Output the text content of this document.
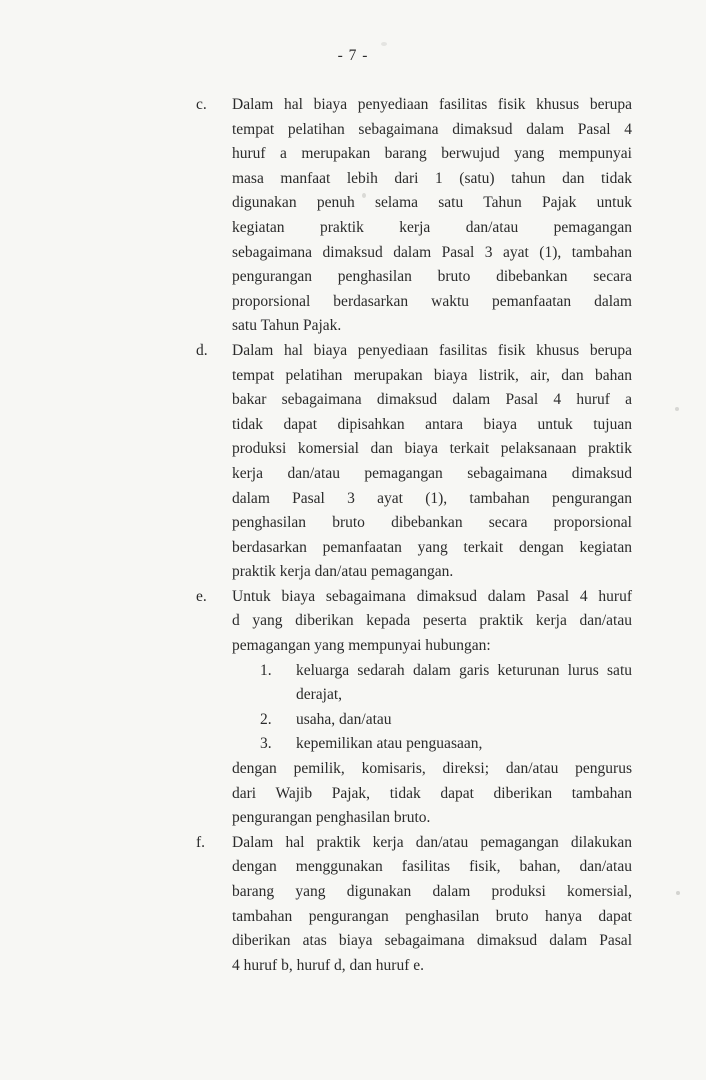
- 7 -
c.	Dalam hal biaya penyediaan fasilitas fisik khusus berupa
tempat pelatihan sebagaimana dimaksud dalam Pasal 4
huruf a merupakan barang berwujud yang mempunyai
masa manfaat lebih dari 1 (satu) tahun dan tidak
digunakan penuh selama satu Tahun Pajak untuk
kegiatan praktik kerja dan/atau pemagangan
sebagaimana dimaksud dalam Pasal 3 ayat (1), tambahan
pengurangan penghasilan bruto dibebankan secara
proporsional berdasarkan waktu pemanfaatan dalam
satu Tahun Pajak.
d.	Dalam hal biaya penyediaan fasilitas fisik khusus berupa
tempat pelatihan merupakan biaya listrik, air, dan bahan
bakar sebagaimana dimaksud dalam Pasal 4 huruf a
tidak dapat dipisahkan antara biaya untuk tujuan
produksi komersial dan biaya terkait pelaksanaan praktik
kerja dan/atau pemagangan sebagaimana dimaksud
dalam Pasal 3 ayat (1), tambahan pengurangan
penghasilan bruto dibebankan secara proporsional
berdasarkan pemanfaatan yang terkait dengan kegiatan
praktik kerja dan/atau pemagangan.
e.	Untuk biaya sebagaimana dimaksud dalam Pasal 4 huruf
d yang diberikan kepada peserta praktik kerja dan/atau
pemagangan yang mempunyai hubungan:
1.	keluarga sedarah dalam garis keturunan lurus satu
derajat,
2.	usaha, dan/atau
3.	kepemilikan atau penguasaan,
dengan pemilik, komisaris, direksi; dan/atau pengurus
dari Wajib Pajak, tidak dapat diberikan tambahan
pengurangan penghasilan bruto.
f.	Dalam hal praktik kerja dan/atau pemagangan dilakukan
dengan menggunakan fasilitas fisik, bahan, dan/atau
barang yang digunakan dalam produksi komersial,
tambahan pengurangan penghasilan bruto hanya dapat
diberikan atas biaya sebagaimana dimaksud dalam Pasal
4 huruf b, huruf d, dan huruf e.
